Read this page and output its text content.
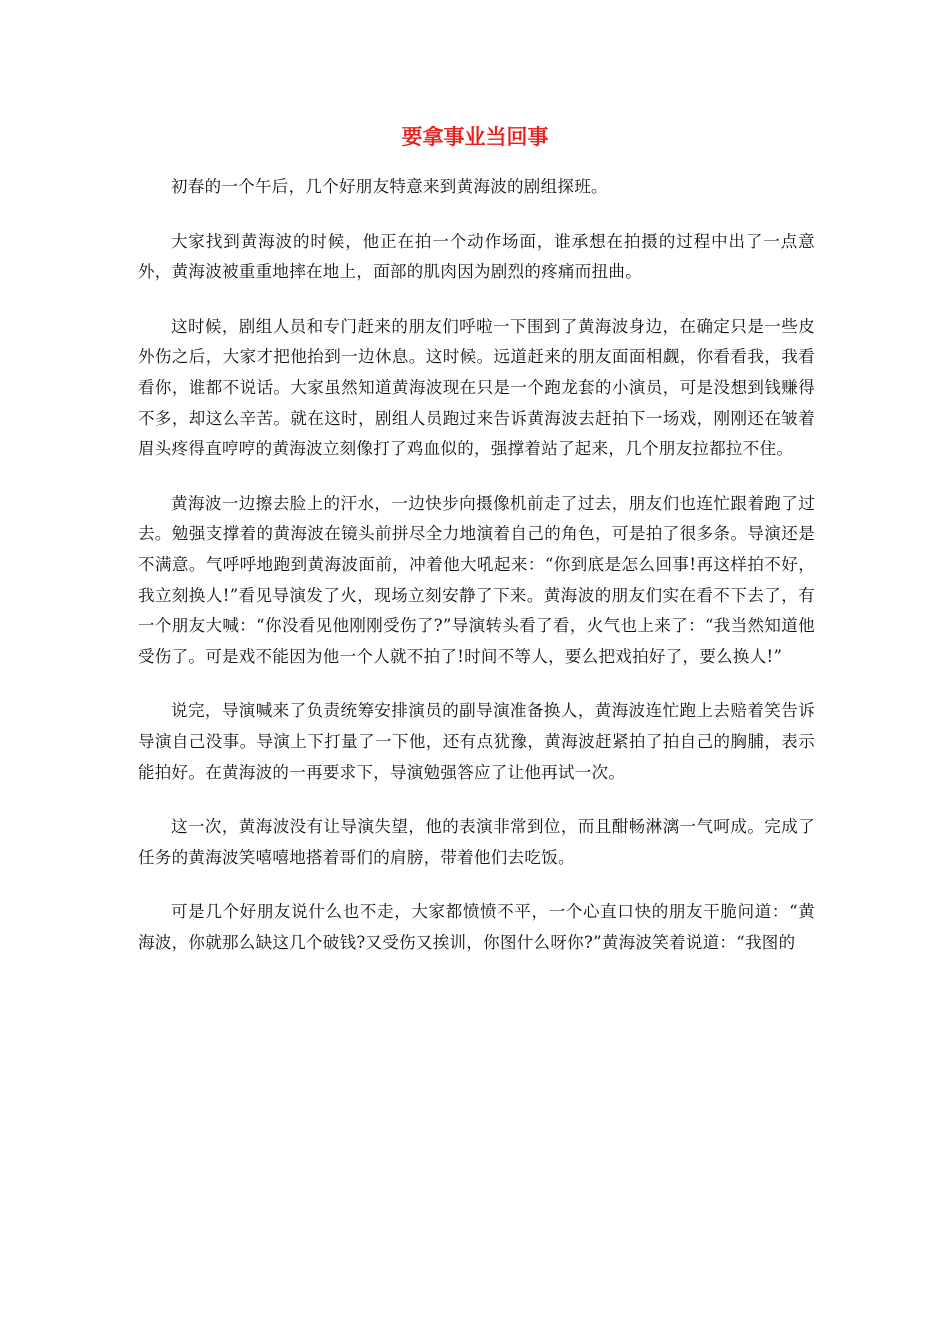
要拿事业当回事

初春的一个午后，几个好朋友特意来到黄海波的剧组探班。

大家找到黄海波的时候，他正在拍一个动作场面，谁承想在拍摄的过程中出了一点意外，黄海波被重重地摔在地上，面部的肌肉因为剧烈的疼痛而扭曲。

这时候，剧组人员和专门赶来的朋友们呼啦一下围到了黄海波身边，在确定只是一些皮外伤之后，大家才把他抬到一边休息。这时候。远道赶来的朋友面面相觑，你看看我，我看看你，谁都不说话。大家虽然知道黄海波现在只是一个跑龙套的小演员，可是没想到钱赚得不多，却这么辛苦。就在这时，剧组人员跑过来告诉黄海波去赶拍下一场戏，刚刚还在皱着眉头疼得直哼哼的黄海波立刻像打了鸡血似的，强撑着站了起来，几个朋友拉都拉不住。

黄海波一边擦去脸上的汗水，一边快步向摄像机前走了过去，朋友们也连忙跟着跑了过去。勉强支撑着的黄海波在镜头前拼尽全力地演着自己的角色，可是拍了很多条。导演还是不满意。气呼呼地跑到黄海波面前，冲着他大吼起来：“你到底是怎么回事!再这样拍不好，我立刻换人!”看见导演发了火，现场立刻安静了下来。黄海波的朋友们实在看不下去了，有一个朋友大喊：“你没看见他刚刚受伤了?”导演转头看了看，火气也上来了：“我当然知道他受伤了。可是戏不能因为他一个人就不拍了!时间不等人，要么把戏拍好了，要么换人!”

说完，导演喊来了负责统筹安排演员的副导演准备换人，黄海波连忙跑上去赔着笑告诉导演自己没事。导演上下打量了一下他，还有点犹豫，黄海波赶紧拍了拍自己的胸脯，表示能拍好。在黄海波的一再要求下，导演勉强答应了让他再试一次。

这一次，黄海波没有让导演失望，他的表演非常到位，而且酣畅淋漓一气呵成。完成了任务的黄海波笑嘻嘻地搭着哥们的肩膀，带着他们去吃饭。

可是几个好朋友说什么也不走，大家都愤愤不平，一个心直口快的朋友干脆问道：“黄海波，你就那么缺这几个破钱?又受伤又挨训，你图什么呀你?”黄海波笑着说道：“我图的
